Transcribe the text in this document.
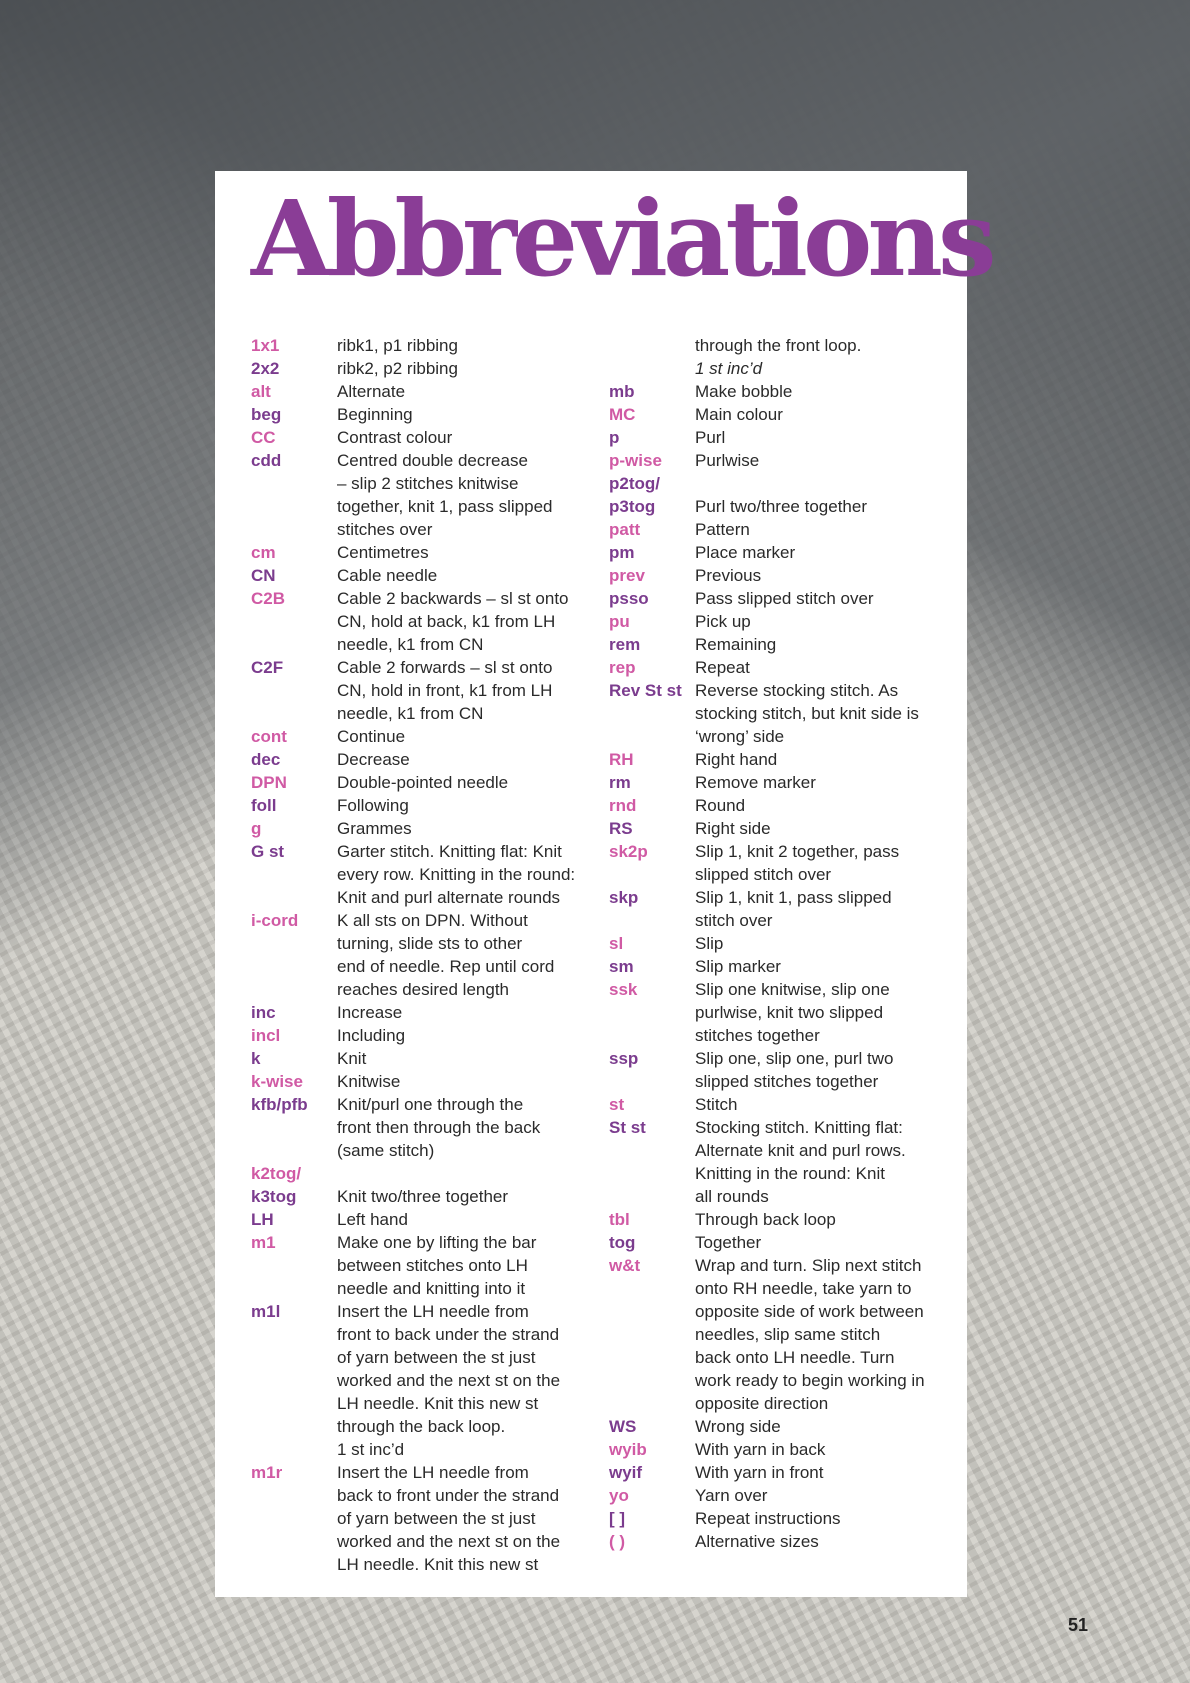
Abbreviations
1x1	ribk1, p1 ribbing
2x2	ribk2, p2 ribbing
alt	Alternate
beg	Beginning
CC	Contrast colour
cdd	Centred double decrease
– slip 2 stitches knitwise
together, knit 1, pass slipped
stitches over
cm	Centimetres
CN	Cable needle
C2B	Cable 2 backwards – sl st onto
CN, hold at back, k1 from LH
needle, k1 from CN
C2F	Cable 2 forwards – sl st onto
CN, hold in front, k1 from LH
needle, k1 from CN
cont	Continue
dec	Decrease
DPN	Double-pointed needle
foll	Following
g	Grammes
G st	Garter stitch. Knitting flat: Knit
every row. Knitting in the round:
Knit and purl alternate rounds
i-cord	K all sts on DPN. Without
turning, slide sts to other
end of needle. Rep until cord
reaches desired length
inc	Increase
incl	Including
k	Knit
k-wise	Knitwise
kfb/pfb	Knit/purl one through the
front then through the back
(same stitch)
k2tog/

k3tog	Knit two/three together
LH	Left hand
m1	Make one by lifting the bar
between stitches onto LH
needle and knitting into it
m1l	Insert the LH needle from
front to back under the strand
of yarn between the st just
worked and the next st on the
LH needle. Knit this new st
through the back loop.
1 st inc’d
m1r	Insert the LH needle from
back to front under the strand
of yarn between the st just
worked and the next st on the
LH needle. Knit this new st
through the front loop.
1 st inc’d
mb	Make bobble
MC	Main colour
p	Purl
p-wise	Purlwise
p2tog/

p3tog	Purl two/three together
patt	Pattern
pm	Place marker
prev	Previous
psso	Pass slipped stitch over
pu	Pick up
rem	Remaining
rep	Repeat
Rev St st Reverse stocking stitch. As
stocking stitch, but knit side is
‘wrong’ side
RH	Right hand
rm	Remove marker
rnd	Round
RS	Right side
sk2p	Slip 1, knit 2 together, pass
slipped stitch over
skp	Slip 1, knit 1, pass slipped
stitch over
sl	Slip
sm	Slip marker
ssk	Slip one knitwise, slip one
purlwise, knit two slipped
stitches together
ssp	Slip one, slip one, purl two
slipped stitches together
st	Stitch
St st	Stocking stitch. Knitting flat:
Alternate knit and purl rows.
Knitting in the round: Knit
all rounds
tbl	Through back loop
tog	Together
w&t	Wrap and turn. Slip next stitch
onto RH needle, take yarn to
opposite side of work between
needles, slip same stitch
back onto LH needle. Turn
work ready to begin working in
opposite direction
WS	Wrong side
wyib	With yarn in back
wyif	With yarn in front
yo	Yarn over
[ ]	Repeat instructions
( )	Alternative sizes
51
